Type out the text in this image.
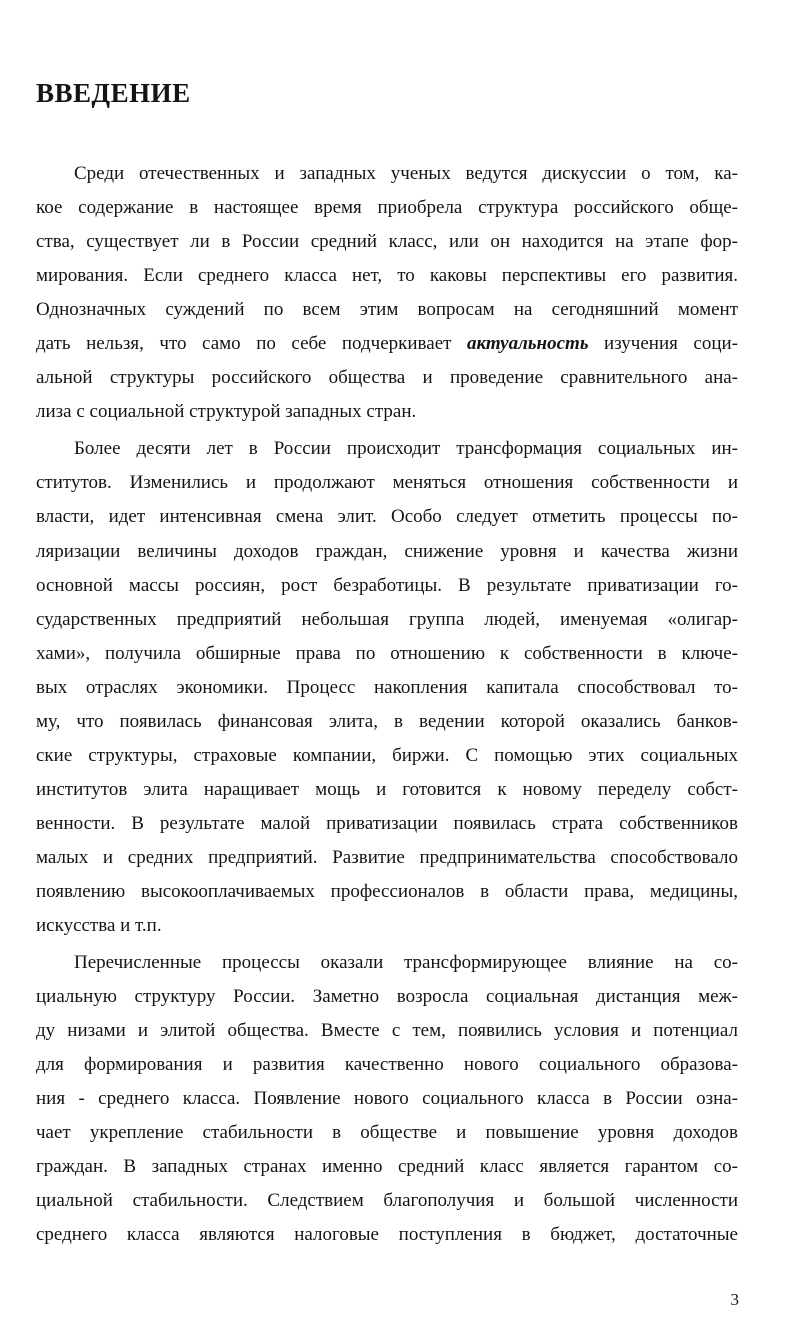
ВВЕДЕНИЕ
Среди отечественных и западных ученых ведутся дискуссии о том, ка-
кое содержание в настоящее время приобрела структура российского обще-
ства, существует ли в России средний класс, или он находится на этапе фор-
мирования. Если среднего класса нет, то каковы перспективы его развития.
Однозначных суждений по всем этим вопросам на сегодняшний момент
дать нельзя, что само по себе подчеркивает актуальность изучения соци-
альной структуры российского общества и проведение сравнительного ана-
лиза с социальной структурой западных стран.
Более десяти лет в России происходит трансформация социальных ин-
ститутов. Изменились и продолжают меняться отношения собственности и
власти, идет интенсивная смена элит. Особо следует отметить процессы по-
ляризации величины доходов граждан, снижение уровня и качества жизни
основной массы россиян, рост безработицы. В результате приватизации го-
сударственных предприятий небольшая группа людей, именуемая «олигар-
хами», получила обширные права по отношению к собственности в ключе-
вых отраслях экономики. Процесс накопления капитала способствовал то-
му, что появилась финансовая элита, в ведении которой оказались банков-
ские структуры, страховые компании, биржи. С помощью этих социальных
институтов элита наращивает мощь и готовится к новому переделу собст-
венности. В результате малой приватизации появилась страта собственников
малых и средних предприятий. Развитие предпринимательства способствовало
появлению высокооплачиваемых профессионалов в области права, медицины,
искусства и т.п.
Перечисленные процессы оказали трансформирующее влияние на со-
циальную структуру России. Заметно возросла социальная дистанция меж-
ду низами и элитой общества. Вместе с тем, появились условия и потенциал
для формирования и развития качественно нового социального образова-
ния - среднего класса. Появление нового социального класса в России озна-
чает укрепление стабильности в обществе и повышение уровня доходов
граждан. В западных странах именно средний класс является гарантом со-
циальной стабильности. Следствием благополучия и большой численности
среднего класса являются налоговые поступления в бюджет, достаточные
3
